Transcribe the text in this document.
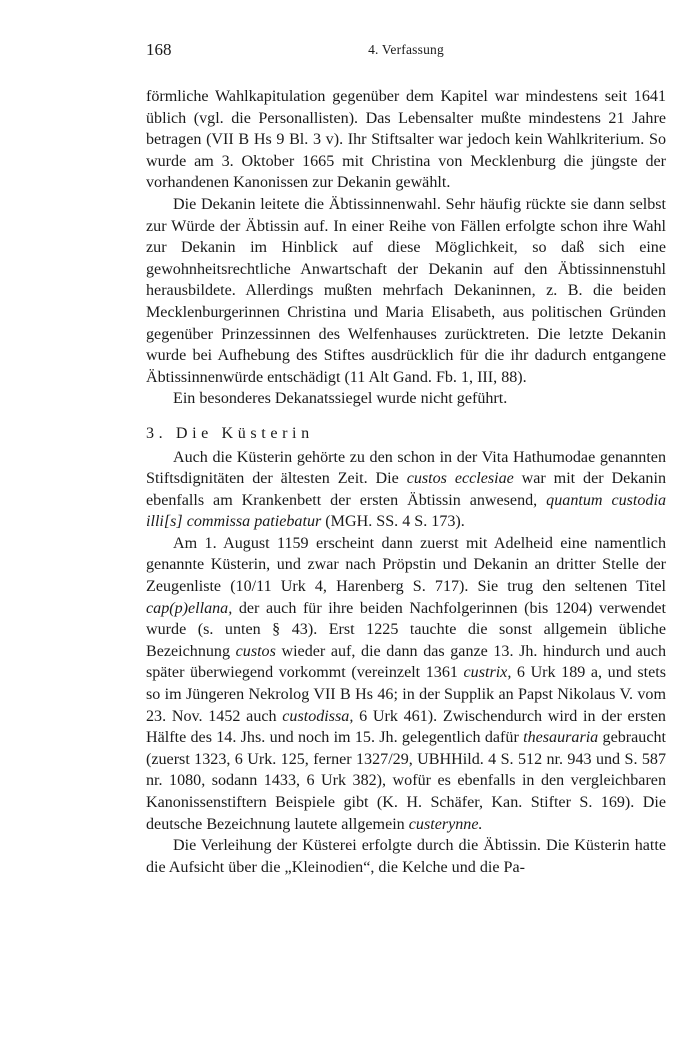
168	4. Verfassung

förmliche Wahlkapitulation gegenüber dem Kapitel war mindestens seit 1641 üblich (vgl. die Personallisten). Das Lebensalter mußte mindestens 21 Jahre betragen (VII B Hs 9 Bl. 3 v). Ihr Stiftsalter war jedoch kein Wahlkriterium. So wurde am 3. Oktober 1665 mit Christina von Mecklenburg die jüngste der vorhandenen Kanonissen zur Dekanin gewählt.

Die Dekanin leitete die Äbtissinnenwahl. Sehr häufig rückte sie dann selbst zur Würde der Äbtissin auf. In einer Reihe von Fällen erfolgte schon ihre Wahl zur Dekanin im Hinblick auf diese Möglichkeit, so daß sich eine gewohnheitsrechtliche Anwartschaft der Dekanin auf den Äbtissinnenstuhl herausbildete. Allerdings mußten mehrfach Dekaninnen, z. B. die beiden Mecklenburgerinnen Christina und Maria Elisabeth, aus politischen Gründen gegenüber Prinzessinnen des Welfenhauses zurücktreten. Die letzte Dekanin wurde bei Aufhebung des Stiftes ausdrücklich für die ihr dadurch entgangene Äbtissinnenwürde entschädigt (11 Alt Gand. Fb. 1, III, 88).

Ein besonderes Dekanatssiegel wurde nicht geführt.

3. Die Küsterin

Auch die Küsterin gehörte zu den schon in der Vita Hathumodae genannten Stiftsdignitäten der ältesten Zeit. Die custos ecclesiae war mit der Dekanin ebenfalls am Krankenbett der ersten Äbtissin anwesend, quantum custodia illi[s] commissa patiebatur (MGH. SS. 4 S. 173).

Am 1. August 1159 erscheint dann zuerst mit Adelheid eine namentlich genannte Küsterin, und zwar nach Pröpstin und Dekanin an dritter Stelle der Zeugenliste (10/11 Urk 4, Harenberg S. 717). Sie trug den seltenen Titel cap(p)ellana, der auch für ihre beiden Nachfolgerinnen (bis 1204) verwendet wurde (s. unten § 43). Erst 1225 tauchte die sonst allgemein übliche Bezeichnung custos wieder auf, die dann das ganze 13. Jh. hindurch und auch später überwiegend vorkommt (vereinzelt 1361 custrix, 6 Urk 189 a, und stets so im Jüngeren Nekrolog VII B Hs 46; in der Supplik an Papst Nikolaus V. vom 23. Nov. 1452 auch custodissa, 6 Urk 461). Zwischendurch wird in der ersten Hälfte des 14. Jhs. und noch im 15. Jh. gelegentlich dafür thesauraria gebraucht (zuerst 1323, 6 Urk. 125, ferner 1327/29, UBHHild. 4 S. 512 nr. 943 und S. 587 nr. 1080, sodann 1433, 6 Urk 382), wofür es ebenfalls in den vergleichbaren Kanonissenstiftern Beispiele gibt (K. H. Schäfer, Kan. Stifter S. 169). Die deutsche Bezeichnung lautete allgemein custerynne.

Die Verleihung der Küsterei erfolgte durch die Äbtissin. Die Küsterin hatte die Aufsicht über die „Kleinodien“, die Kelche und die Pa-
